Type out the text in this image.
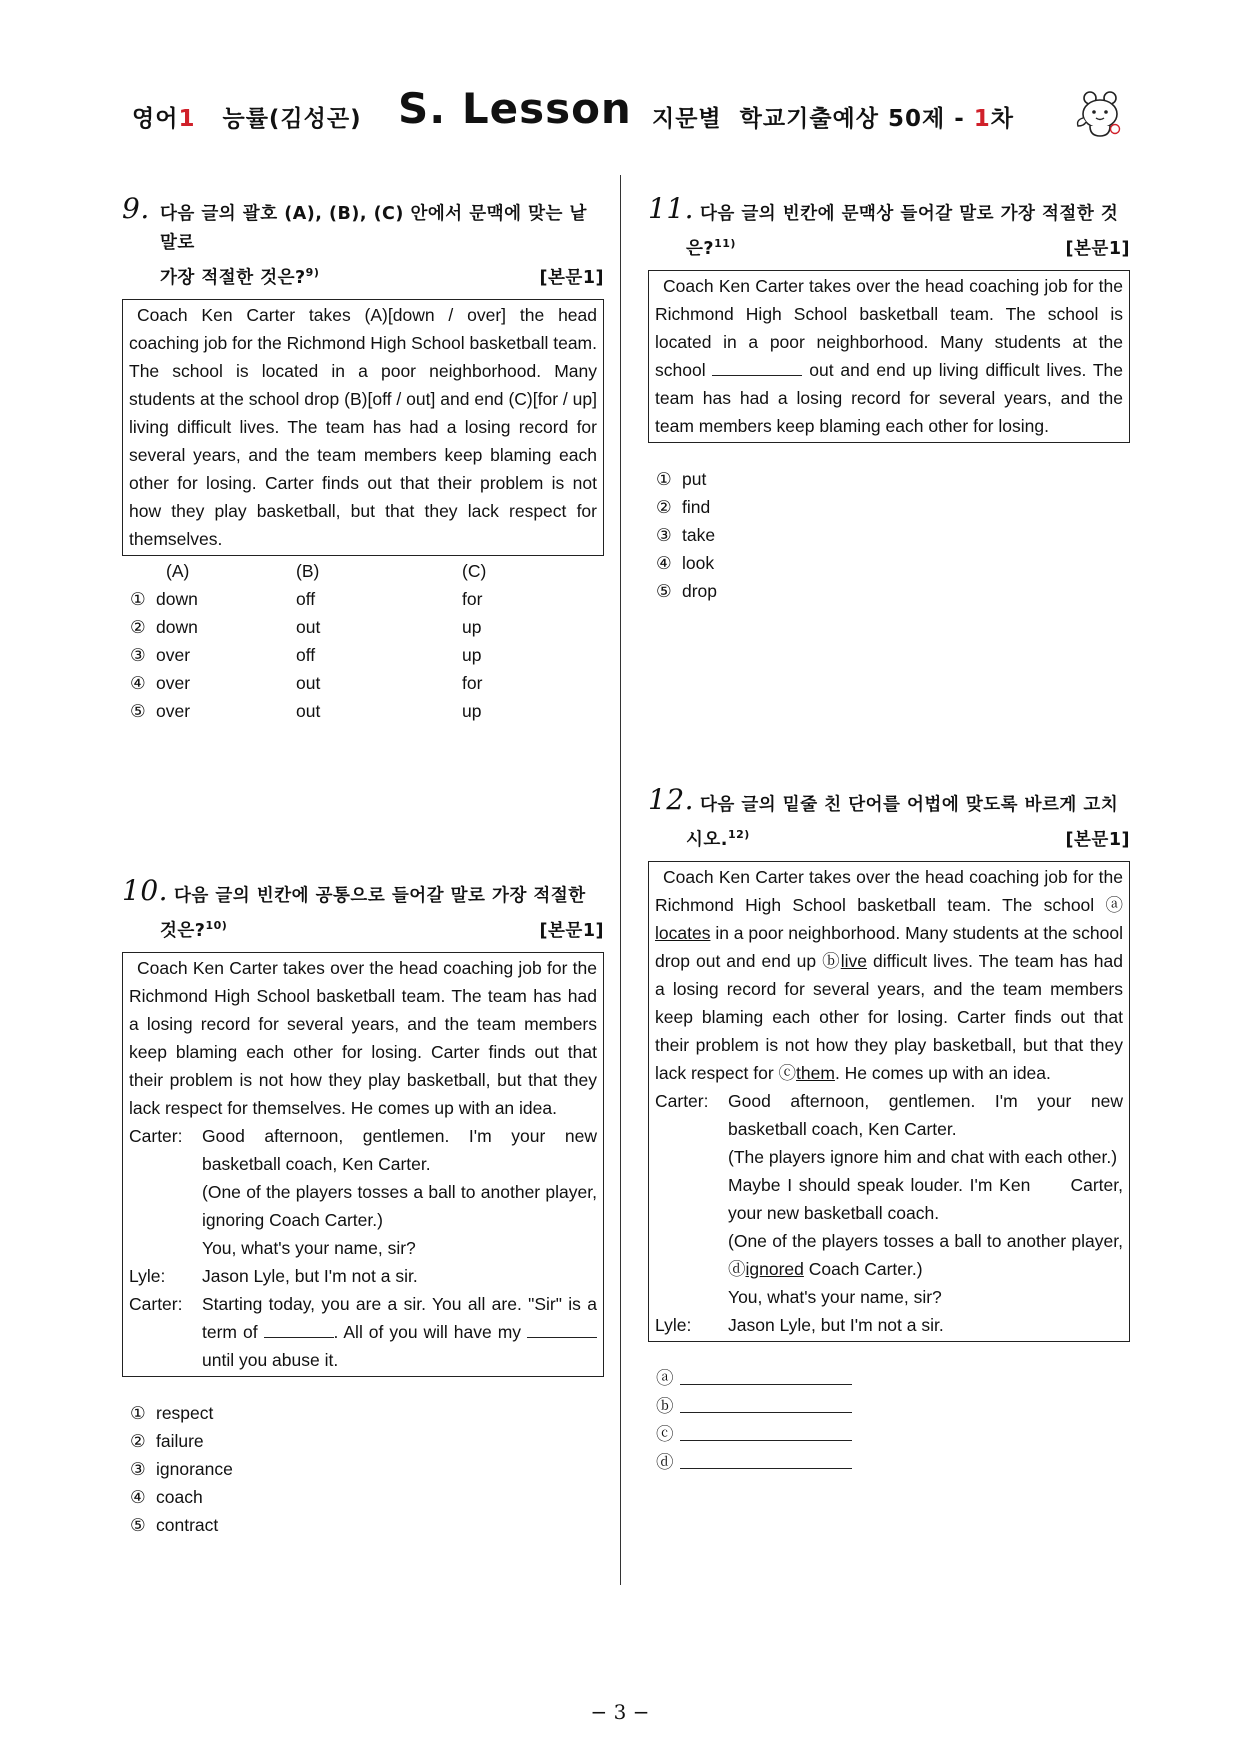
영어1 능률(김성곤) S. Lesson 지문별  학교기출예상 50제 - 1차
9. 다음 글의 괄호 (A), (B), (C) 안에서 문맥에 맞는 낱말로
가장 적절한 것은?$^{9)}$	[본문1]

Coach Ken Carter takes (A)[down / over] the head coaching job for the Richmond High School basketball team. The school is located in a poor neighborhood. Many students at the school drop (B)[off / out] and end (C)[for / up] living difficult lives. The team has had a losing record for several years, and the team members keep blaming each other for losing. Carter finds out that their problem is not how they play basketball, but that they lack respect for themselves.

(A)	(B)	(C)
① down	off	for
② down	out	up
③ over	off	up
④ over	out	for
⑤ over	out	up
10. 다음 글의 빈칸에 공통으로 들어갈 말로 가장 적절한
것은?$^{10)}$	[본문1]

Coach Ken Carter takes over the head coaching job for the Richmond High School basketball team. The team has had a losing record for several years, and the team members keep blaming each other for losing. Carter finds out that their problem is not how they play basketball, but that they lack respect for themselves. He comes up with an idea.

Carter:	Good afternoon, gentlemen. I'm your new basketball coach, Ken Carter.
(One of the players tosses a ball to another player, ignoring Coach Carter.)
You, what's your name, sir?
Lyle:	Jason Lyle, but I'm not a sir.
Carter:	Starting today, you are a sir. You all are. "Sir" is a term of	. All of you will have my  until you abuse it.
① respect
② failure
③ ignorance
④ coach
⑤ contract
11. 다음 글의 빈칸에 문맥상 들어갈 말로 가장 적절한 것
은?$^{11)}$	[본문1]

Coach Ken Carter takes over the head coaching job for the Richmond High School basketball team. The school is located in a poor neighborhood. Many students at the school	out and end up living difficult lives. The team has had a losing record for several years, and the team members keep blaming each other for losing.

① put
② find
③ take
④ look
⑤ drop
12. 다음 글의 밑줄 친 단어를 어법에 맞도록 바르게 고치
시오.$^{12)}$	[본문1]

Coach Ken Carter takes over the head coaching job for the Richmond High School basketball team. The school ⓐ locates in a poor neighborhood. Many students at the school drop out and end up ⓑlive difficult lives. The team has had a losing record for several years, and the team members keep blaming each other for losing. Carter finds out that their problem is not how they play basketball, but that they lack respect for ⓒthem. He comes up with an idea.

Carter:	Good afternoon, gentlemen. I'm your new basketball coach, Ken Carter.
(The players ignore him and chat with each other.)
Maybe I should speak louder. I'm Ken      Carter, your new basketball coach.
(One of the players tosses a ball to another player, ⓓignored Coach Carter.)
You, what's your name, sir?
Lyle:	Jason Lyle, but I'm not a sir.
ⓐ
ⓑ
ⓒ
ⓓ
− 3 −
